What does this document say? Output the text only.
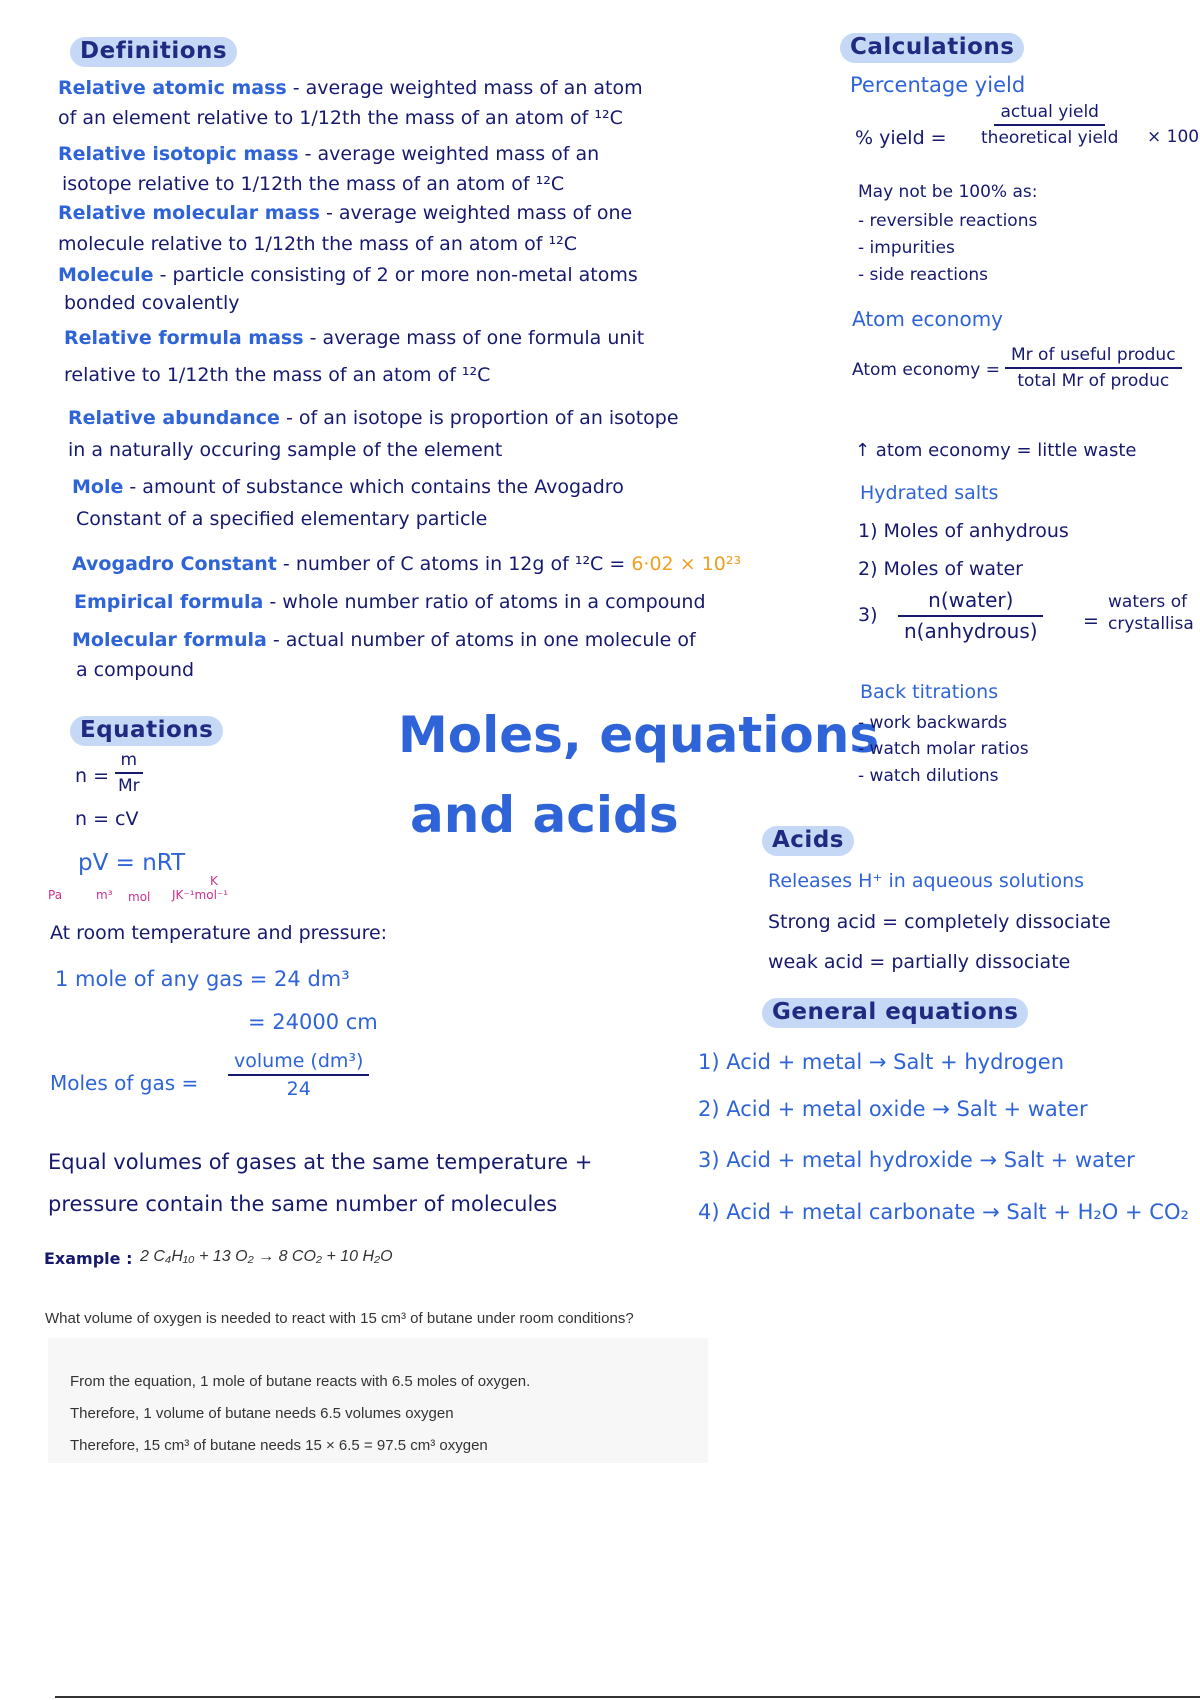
Definitions
Relative atomic mass - average weighted mass of an atom
of an element relative to 1/12th the mass of an atom of ¹²C
Relative isotopic mass - average weighted mass of an
isotope relative to 1/12th the mass of an atom of ¹²C
Relative molecular mass - average weighted mass of one
molecule relative to 1/12th the mass of an atom of ¹²C
Molecule - particle consisting of 2 or more non-metal atoms
bonded covalently
Relative formula mass - average mass of one formula unit
relative to 1/12th the mass of an atom of ¹²C
Relative abundance - of an isotope is proportion of an isotope
in a naturally occuring sample of the element
Mole - amount of substance which contains the Avogadro
Constant of a specified elementary particle
Avogadro Constant - number of C atoms in 12g of ¹²C = 6·02 × 10²³
Empirical formula - whole number ratio of atoms in a compound
Molecular formula - actual number of atoms in one molecule of
a compound
Moles, equations
and acids
Equations
$n = \frac{m}{Mr}$
n = cV
pV = nRT
Pa	m³ mol JK⁻¹mol⁻¹
K
At room temperature and pressure:
1 mole of any gas = 24 dm³
= 24000 cm
Moles of gas =
volume (dm³)
24
Equal volumes of gases at the same temperature +
pressure contain the same number of molecules
Example : 2 C₄H₁₀ + 13 O₂ → 8 CO₂ + 10 H₂O
What volume of oxygen is needed to react with 15 cm³ of butane under room conditions?
From the equation, 1 mole of butane reacts with 6.5 moles of oxygen.
Therefore, 1 volume of butane needs 6.5 volumes oxygen
Therefore, 15 cm³ of butane needs 15 × 6.5 = 97.5 cm³ oxygen
Calculations
Percentage yield
% yield =
actual yield
theoretical yield	× 100
May not be 100% as:
- reversible reactions
- impurities
- side reactions
Atom economy
Atom economy =
Mr of useful produc
total Mr of produc
↑ atom economy = little waste
Hydrated salts
1) Moles of anhydrous
2) Moles of water
3)
n(water)
n(anhydrous)	=
waters of
crystallisa
Back titrations
- work backwards
- watch molar ratios
- watch dilutions
Acids
Releases H⁺ in aqueous solutions
Strong acid = completely dissociate
weak acid = partially dissociate
General equations
1) Acid + metal → Salt + hydrogen
2) Acid + metal oxide → Salt + water
3) Acid + metal hydroxide → Salt + water
4) Acid + metal carbonate → Salt + H₂O + CO₂
